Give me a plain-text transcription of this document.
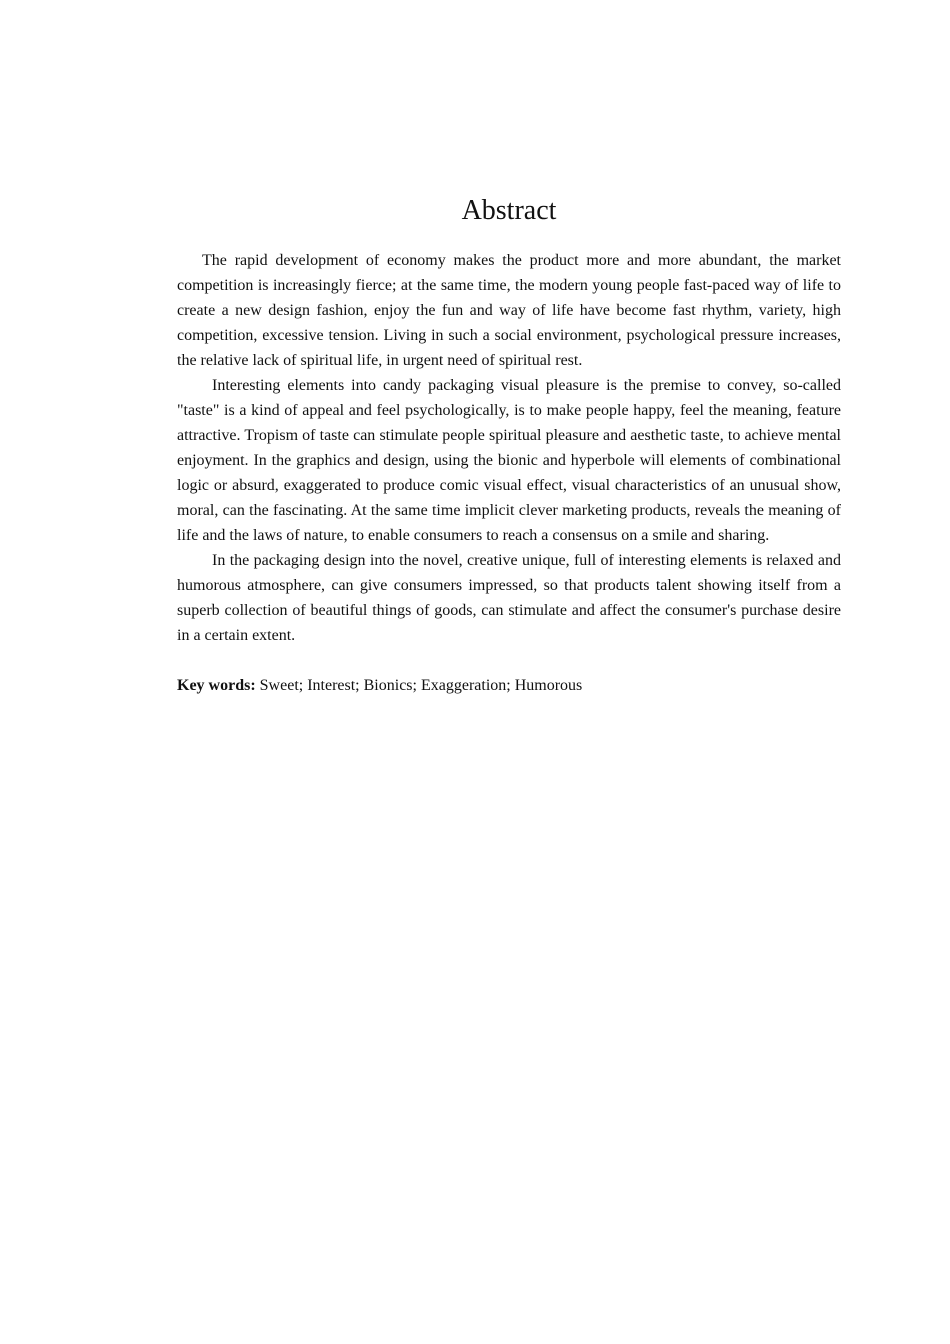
Abstract

The rapid development of economy makes the product more and more abundant, the market competition is increasingly fierce; at the same time, the modern young people fast-paced way of life to create a new design fashion, enjoy the fun and way of life have become fast rhythm, variety, high competition, excessive tension. Living in such a social environment, psychological pressure increases, the relative lack of spiritual life, in urgent need of spiritual rest.

Interesting elements into candy packaging visual pleasure is the premise to convey, so-called "taste" is a kind of appeal and feel psychologically, is to make people happy, feel the meaning, feature attractive. Tropism of taste can stimulate people spiritual pleasure and aesthetic taste, to achieve mental enjoyment. In the graphics and design, using the bionic and hyperbole will elements of combinational logic or absurd, exaggerated to produce comic visual effect, visual characteristics of an unusual show, moral, can the fascinating. At the same time implicit clever marketing products, reveals the meaning of life and the laws of nature, to enable consumers to reach a consensus on a smile and sharing.

In the packaging design into the novel, creative unique, full of interesting elements is relaxed and humorous atmosphere, can give consumers impressed, so that products talent showing itself from a superb collection of beautiful things of goods, can stimulate and affect the consumer's purchase desire in a certain extent.

Key words: Sweet; Interest; Bionics; Exaggeration; Humorous
